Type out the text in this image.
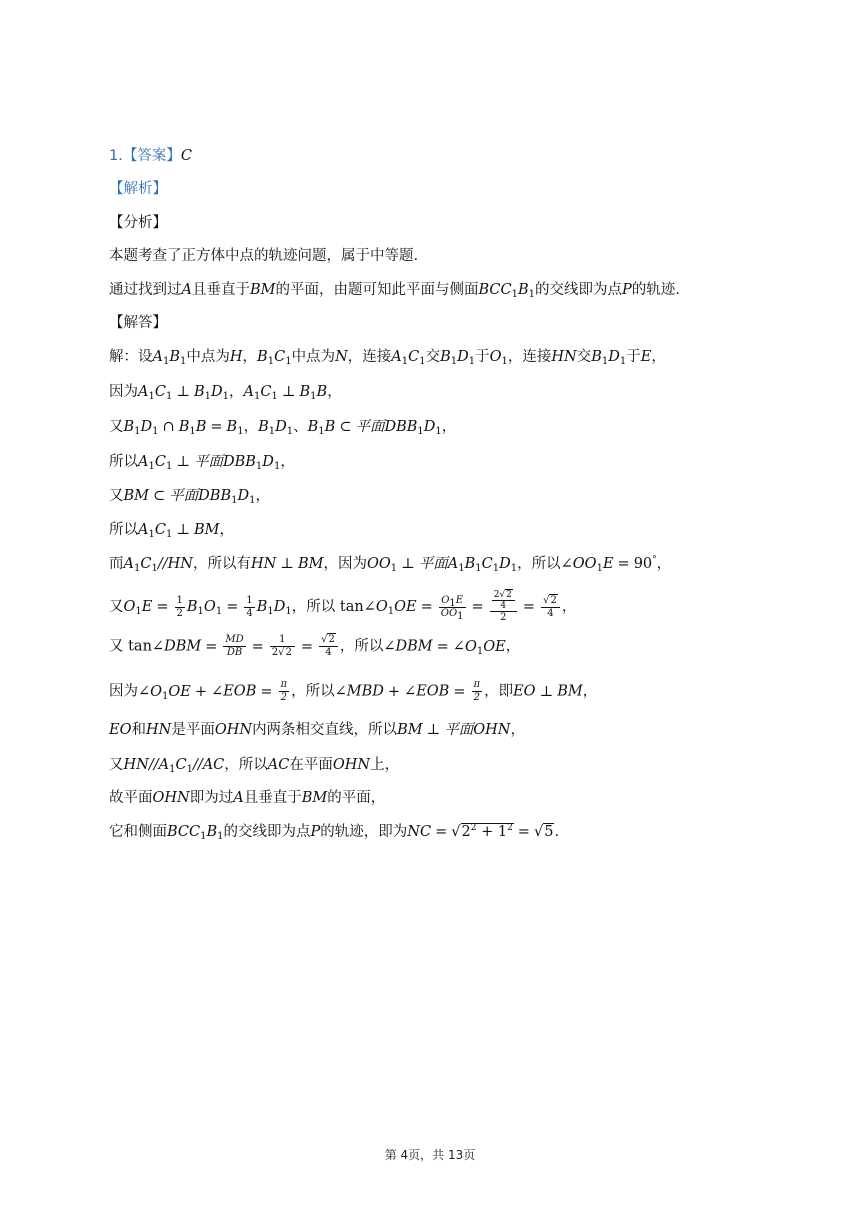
1.【答案】C
【解析】
【分析】
本题考查了正方体中点的轨迹问题，属于中等题.
通过找到过A且垂直于BM的平面，由题可知此平面与侧面$BCC_1B_1$的交线即为点P的轨迹.
【解答】
解：设$A_1B_1$中点为H，$B_1C_1$中点为N，连接$A_1C_1$交$B_1D_1$于$O_1$，连接HN交$B_1D_1$于E，
因为$A_1C_1$ ⊥ $B_1D_1$，$A_1C_1$ ⊥ $B_1B$，
又$B_1D_1$ ∩ $B_1B = B_1$，$B_1D_1$、$B_1B$ ⊂ 平面$DBB_1D_1$，
所以$A_1C_1$ ⊥ 平面$DBB_1D_1$，
又BM ⊂ 平面$DBB_1D_1$，
所以$A_1C_1$ ⊥ BM，
而$A_1C_1//HN$，所以有HN ⊥ BM，因为$OO_1$ ⊥ 平面$A_1B_1C_1D_1$，所以$\angle OO_1E = 90^\circ$，
又$O_1E = \frac{1}{2} B_1O_1 = \frac{1}{4} B_1D_1$，所以 $\tan\angle O_1OE = \frac{O_1E}{OO_1} = \frac{\frac{2√2}{4}}{2} = \frac{√2}{4}$ ，
又 tan∠DBM = $\frac{MD}{DB} = \frac{1}{2√2} = \frac{√2}{4}$ ，所以∠DBM = $\angle O_1OE$，
因为$\angle O_1OE$ + ∠EOB = $\frac{\pi}{2}$ ，所以∠MBD + ∠EOB = $\frac{\pi}{2}$ ，即EO ⊥ BM，
EO和HN是平面OHN内两条相交直线，所以BM ⊥ 平面OHN，
又$HN//A_1C_1//AC$，所以AC在平面OHN上，
故平面OHN即为过A且垂直于BM的平面，
它和侧面$BCC_1B_1$的交线即为点P的轨迹，即为NC = $√2^2 + 1^2 = √5$.
第 4页，共 13页
